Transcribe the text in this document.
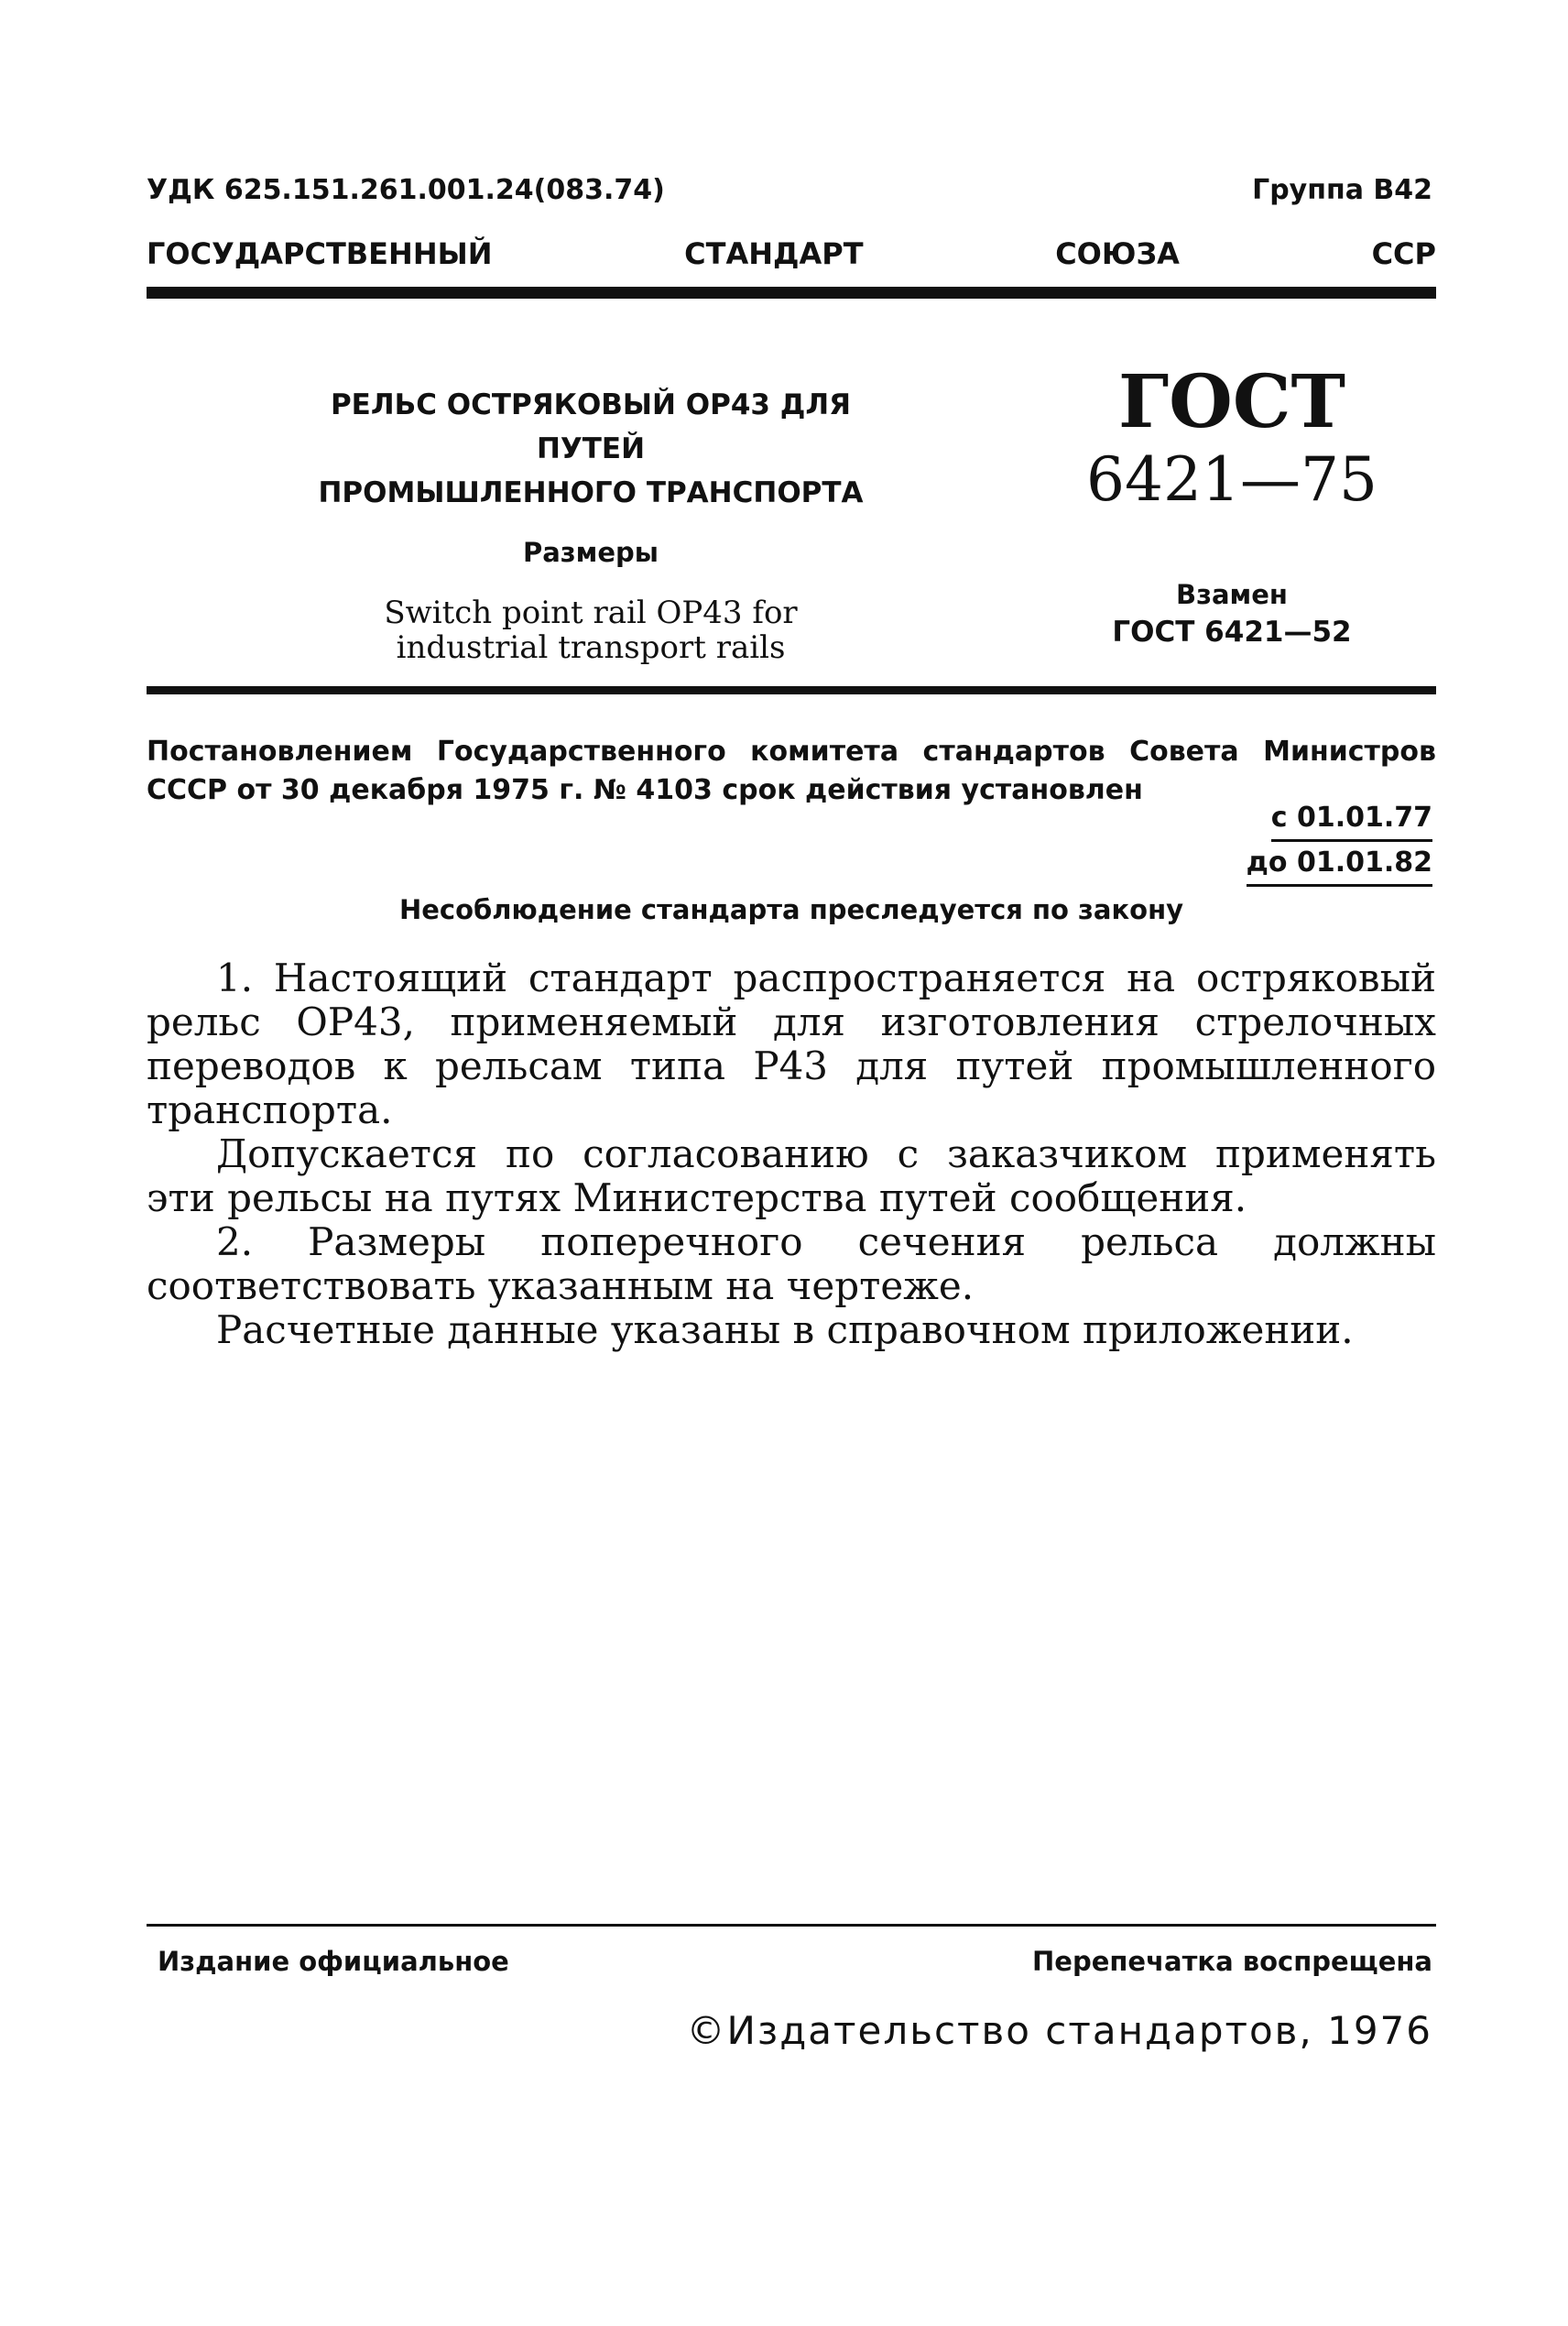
УДК 625.151.261.001.24(083.74)	Группа В42
ГОСУДАРСТВЕННЫЙ	СТАНДАРТ	СОЮЗА	ССР
РЕЛЬС ОСТРЯКОВЫЙ ОР43 ДЛЯ ПУТЕЙ
ПРОМЫШЛЕННОГО ТРАНСПОРТА
Размеры
Switch point rail OP43 for
industrial transport rails
ГОСТ
6421—75
Взамен
ГОСТ 6421—52
Постановлением Государственного комитета стандартов Совета Министров СССР от 30 декабря 1975 г. № 4103 срок действия установлен
с 01.01.77
до 01.01.82
Несоблюдение стандарта преследуется по закону

1. Настоящий стандарт распространяется на остряковый рельс ОР43, применяемый для изготовления стрелочных переводов к рельсам типа Р43 для путей промышленного транспорта.

Допускается по согласованию с заказчиком применять эти рельсы на путях Министерства путей сообщения.

2. Размеры поперечного сечения рельса должны соответствовать указанным на чертеже.

Расчетные данные указаны в справочном приложении.

Издание официальное	Перепечатка воспрещена
©Издательство стандартов, 1976
